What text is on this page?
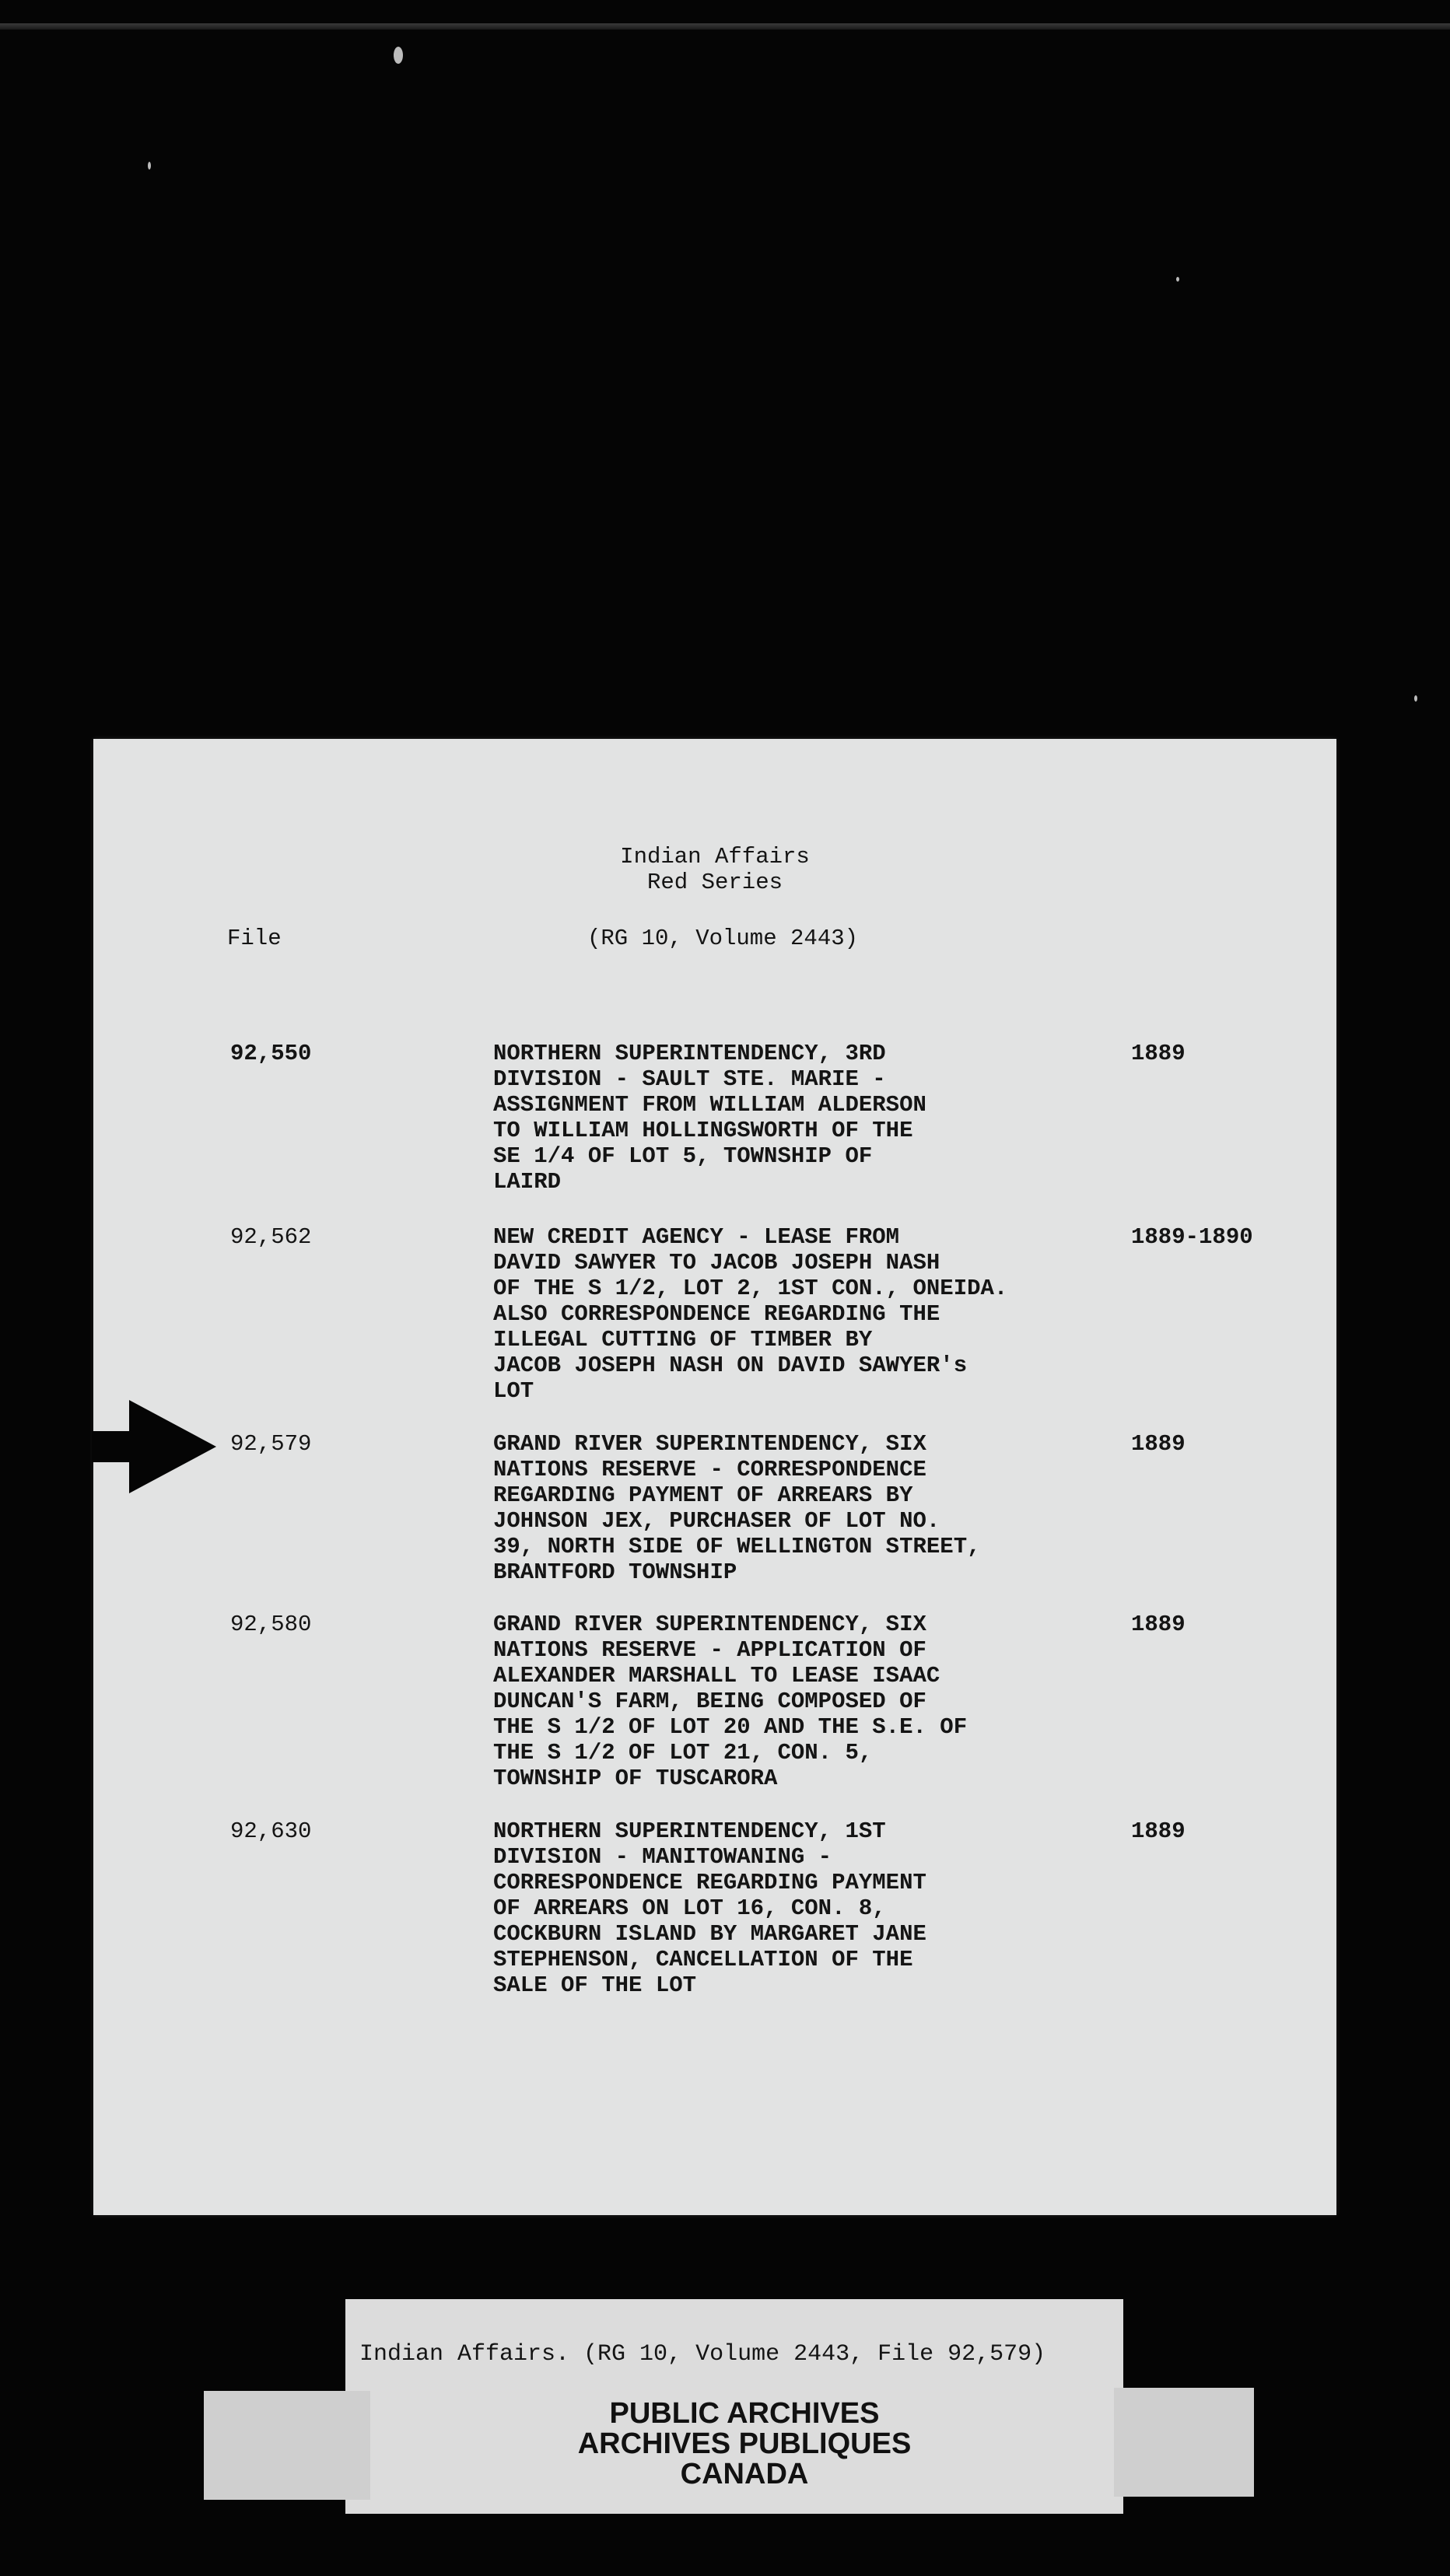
Indian Affairs
Red Series
File	(RG 10, Volume 2443)
92,550	NORTHERN SUPERINTENDENCY, 3RD
DIVISION - SAULT STE. MARIE -
ASSIGNMENT FROM WILLIAM ALDERSON
TO WILLIAM HOLLINGSWORTH OF THE
SE 1/4 OF LOT 5, TOWNSHIP OF
LAIRD
1889
92,562	NEW CREDIT AGENCY - LEASE FROM
DAVID SAWYER TO JACOB JOSEPH NASH
OF THE S 1/2, LOT 2, 1ST CON., ONEIDA.
ALSO CORRESPONDENCE REGARDING THE
ILLEGAL CUTTING OF TIMBER BY
JACOB JOSEPH NASH ON DAVID SAWYER's
LOT
1889-1890
92,579	GRAND RIVER SUPERINTENDENCY, SIX
NATIONS RESERVE - CORRESPONDENCE
REGARDING PAYMENT OF ARREARS BY
JOHNSON JEX, PURCHASER OF LOT NO.
39, NORTH SIDE OF WELLINGTON STREET,
BRANTFORD TOWNSHIP
1889
92,580	GRAND RIVER SUPERINTENDENCY, SIX
NATIONS RESERVE - APPLICATION OF
ALEXANDER MARSHALL TO LEASE ISAAC
DUNCAN'S FARM, BEING COMPOSED OF
THE S 1/2 OF LOT 20 AND THE S.E. OF
THE S 1/2 OF LOT 21, CON. 5,
TOWNSHIP OF TUSCARORA
1889
92,630	NORTHERN SUPERINTENDENCY, 1ST
DIVISION - MANITOWANING -
CORRESPONDENCE REGARDING PAYMENT
OF ARREARS ON LOT 16, CON. 8,
COCKBURN ISLAND BY MARGARET JANE
STEPHENSON, CANCELLATION OF THE
SALE OF THE LOT
1889
Indian Affairs. (RG 10, Volume 2443, File 92,579)
PUBLIC ARCHIVES
ARCHIVES PUBLIQUES
CANADA
